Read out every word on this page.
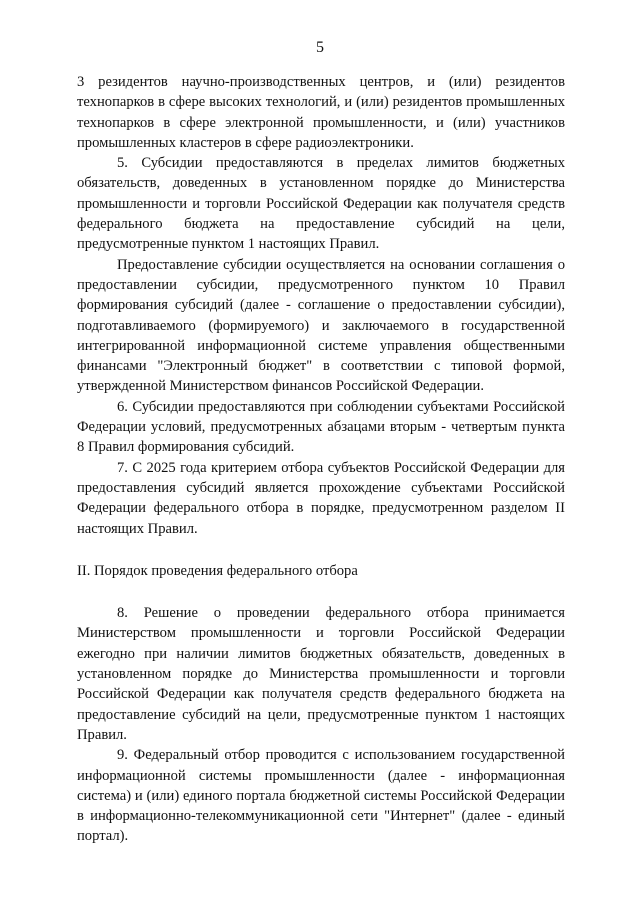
5

3 резидентов научно-производственных центров, и (или) резидентов технопарков в сфере высоких технологий, и (или) резидентов промышленных технопарков в сфере электронной промышленности, и (или) участников промышленных кластеров в сфере радиоэлектроники.

5. Субсидии предоставляются в пределах лимитов бюджетных обязательств, доведенных в установленном порядке до Министерства промышленности и торговли Российской Федерации как получателя средств федерального бюджета на предоставление субсидий на цели, предусмотренные пунктом 1 настоящих Правил.

Предоставление субсидии осуществляется на основании соглашения о предоставлении субсидии, предусмотренного пунктом 10 Правил формирования субсидий (далее - соглашение о предоставлении субсидии), подготавливаемого (формируемого) и заключаемого в государственной интегрированной информационной системе управления общественными финансами "Электронный бюджет" в соответствии с типовой формой, утвержденной Министерством финансов Российской Федерации.

6. Субсидии предоставляются при соблюдении субъектами Российской Федерации условий, предусмотренных абзацами вторым - четвертым пункта 8 Правил формирования субсидий.

7. С 2025 года критерием отбора субъектов Российской Федерации для предоставления субсидий является прохождение субъектами Российской Федерации федерального отбора в порядке, предусмотренном разделом II настоящих Правил.

II. Порядок проведения федерального отбора

8. Решение о проведении федерального отбора принимается Министерством промышленности и торговли Российской Федерации ежегодно при наличии лимитов бюджетных обязательств, доведенных в установленном порядке до Министерства промышленности и торговли Российской Федерации как получателя средств федерального бюджета на предоставление субсидий на цели, предусмотренные пунктом 1 настоящих Правил.

9. Федеральный отбор проводится с использованием государственной информационной системы промышленности (далее - информационная система) и (или) единого портала бюджетной системы Российской Федерации в информационно-телекоммуникационной сети "Интернет" (далее - единый портал).
